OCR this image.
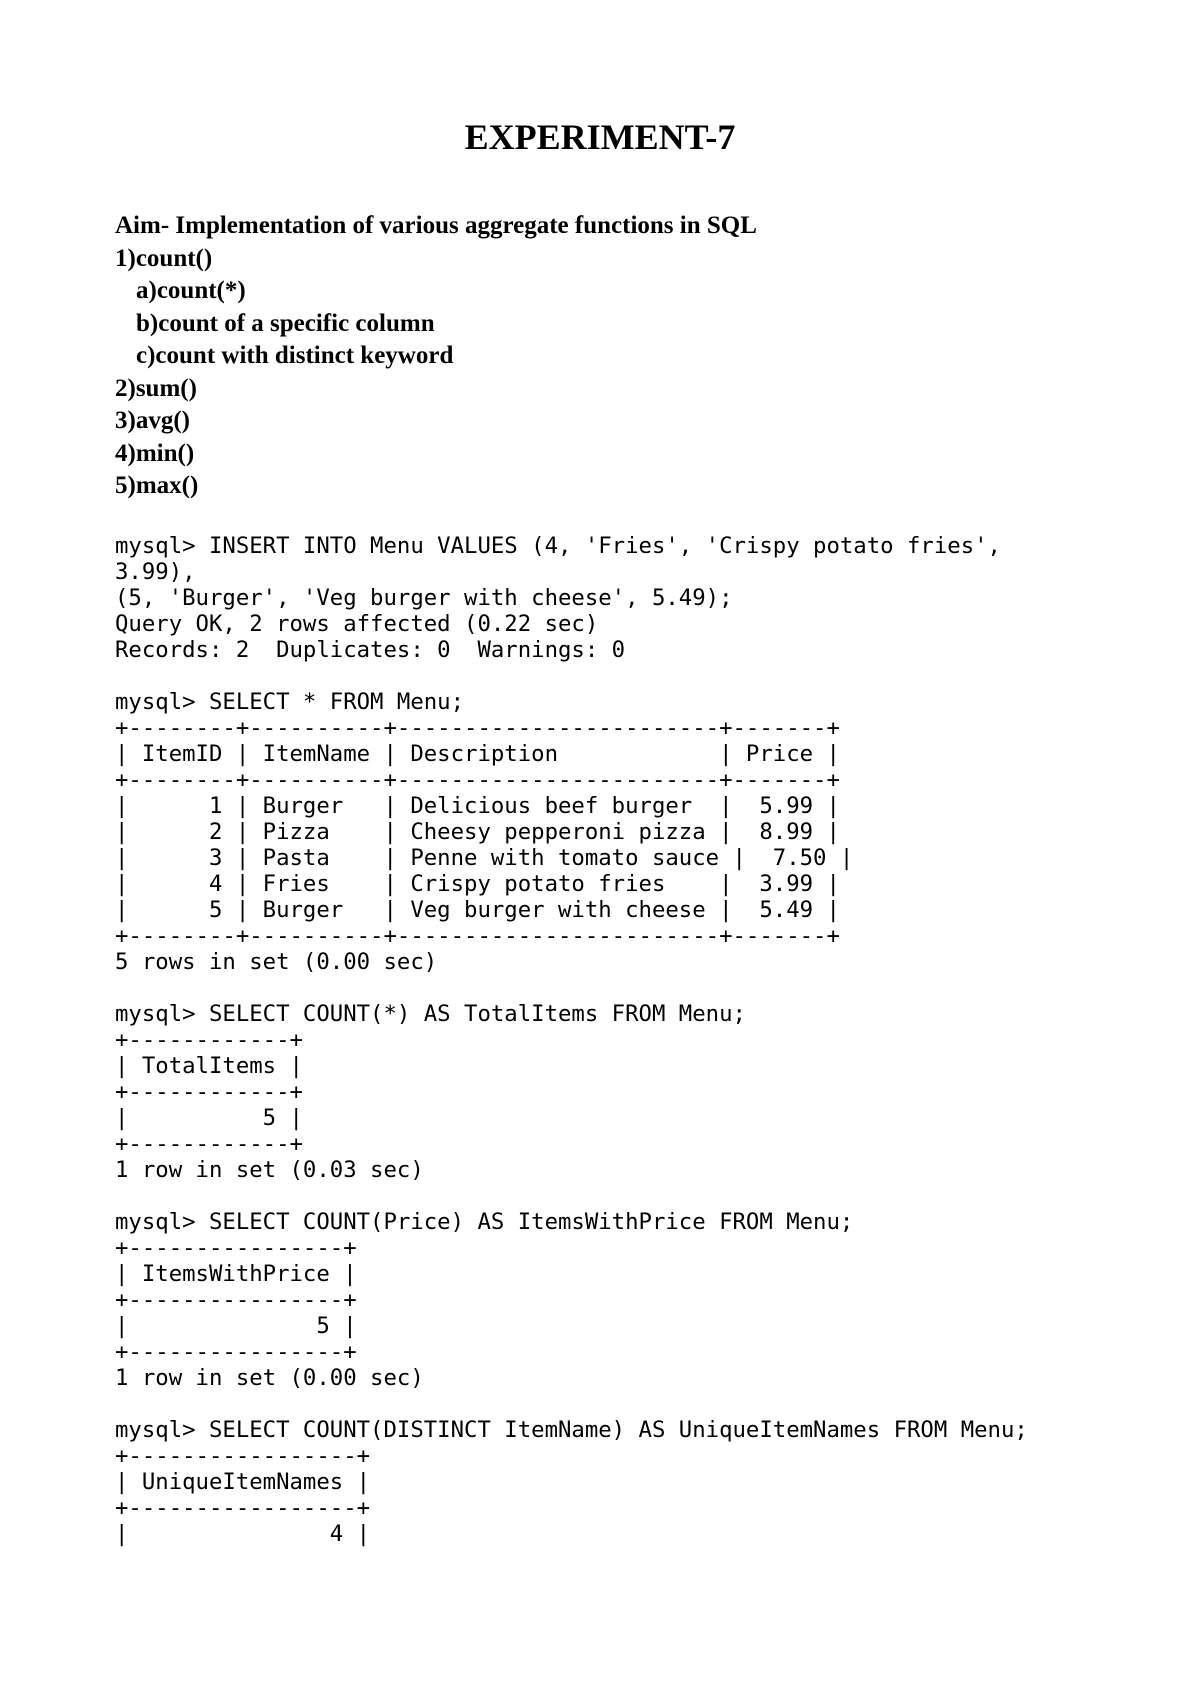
EXPERIMENT-7
Aim- Implementation of various aggregate functions in SQL
1)count()
a)count(*)
b)count of a specific column
c)count with distinct keyword
2)sum()
3)avg()
4)min()
5)max()
mysql> INSERT INTO Menu VALUES (4, 'Fries', 'Crispy potato fries',
3.99),
(5, 'Burger', 'Veg burger with cheese', 5.49);
Query OK, 2 rows affected (0.22 sec)
Records: 2  Duplicates: 0  Warnings: 0
mysql> SELECT * FROM Menu;
+--------+----------+------------------------+-------+
| ItemID | ItemName | Description            | Price |
+--------+----------+------------------------+-------+
|      1 | Burger   | Delicious beef burger  |  5.99 |
|      2 | Pizza    | Cheesy pepperoni pizza |  8.99 |
|      3 | Pasta    | Penne with tomato sauce |  7.50 |
|      4 | Fries    | Crispy potato fries    |  3.99 |
|      5 | Burger   | Veg burger with cheese |  5.49 |
+--------+----------+------------------------+-------+
5 rows in set (0.00 sec)
mysql> SELECT COUNT(*) AS TotalItems FROM Menu;
+------------+
| TotalItems |
+------------+
|          5 |
+------------+
1 row in set (0.03 sec)
mysql> SELECT COUNT(Price) AS ItemsWithPrice FROM Menu;
+----------------+
| ItemsWithPrice |
+----------------+
|              5 |
+----------------+
1 row in set (0.00 sec)
mysql> SELECT COUNT(DISTINCT ItemName) AS UniqueItemNames FROM Menu;
+-----------------+
| UniqueItemNames |
+-----------------+
|               4 |
